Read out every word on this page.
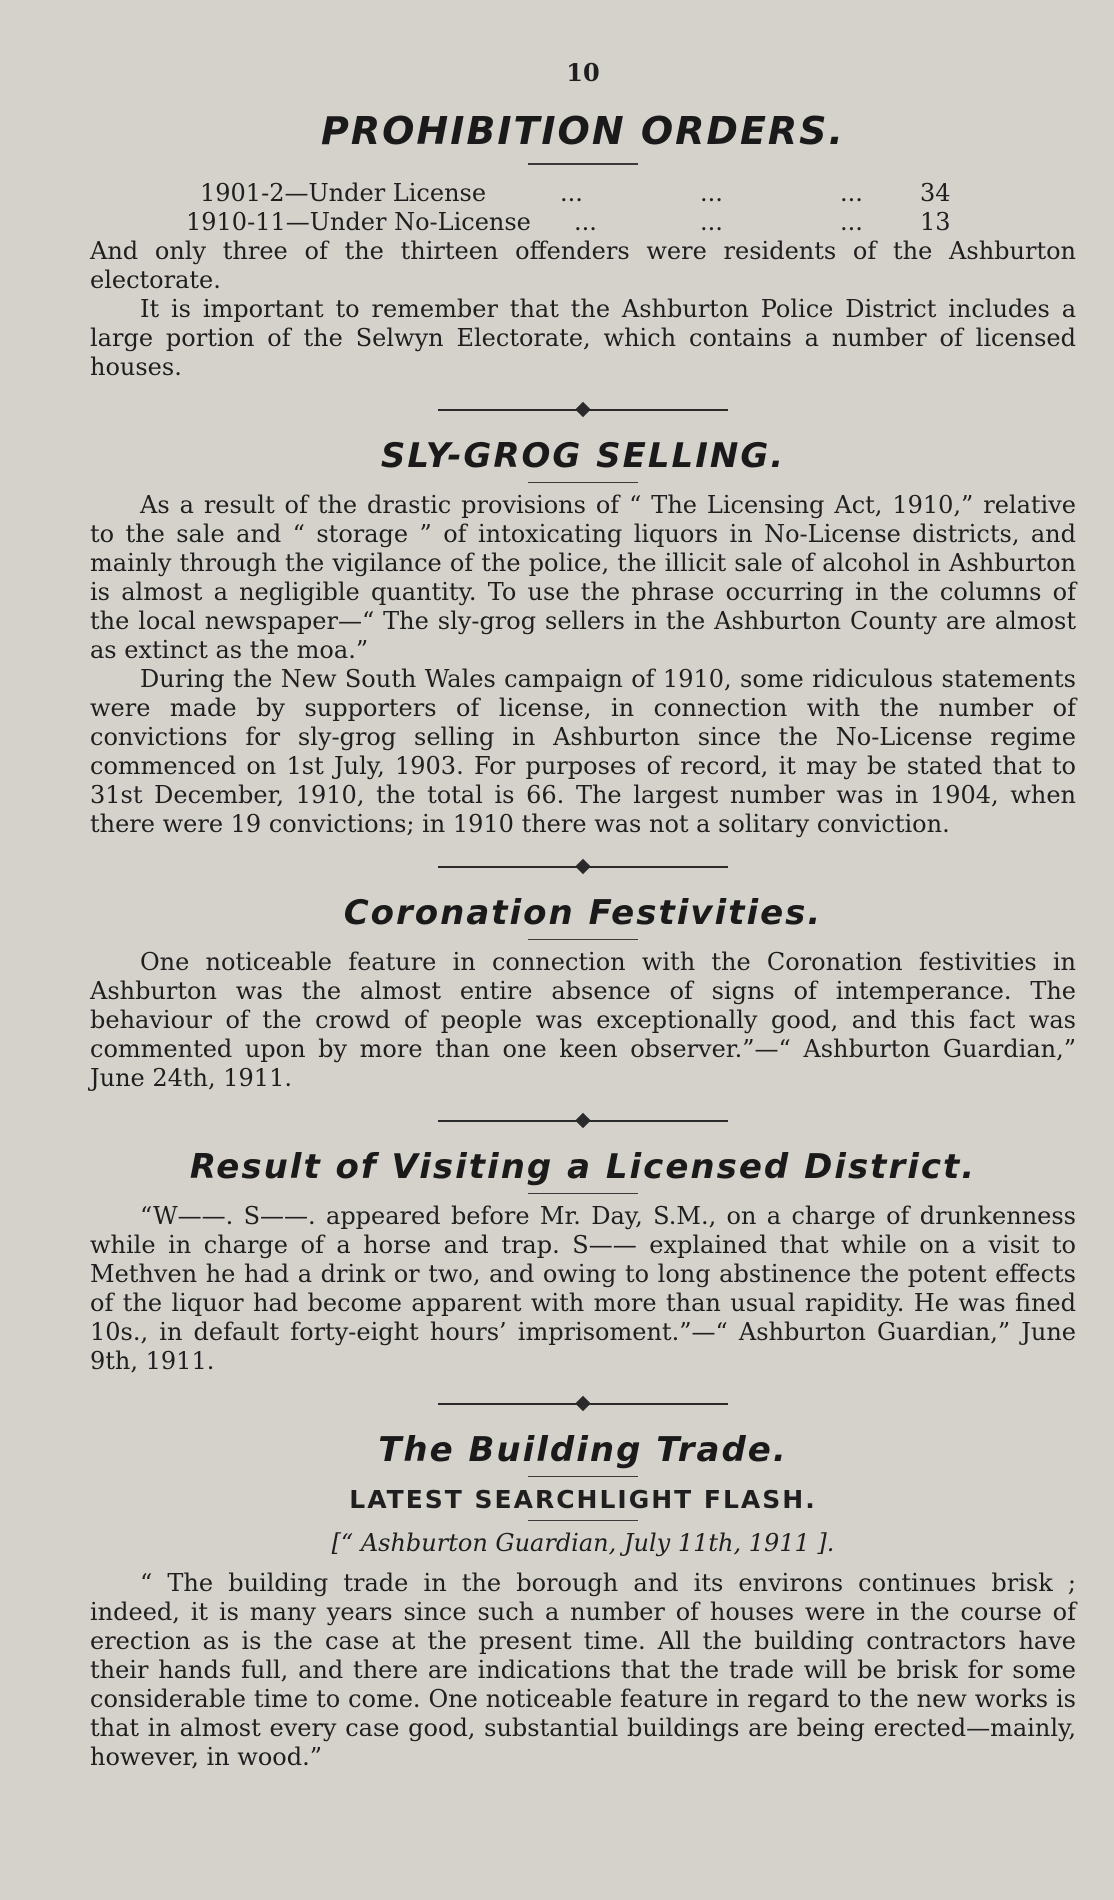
10
PROHIBITION ORDERS.
1901-2—Under License	...	...	...	34
1910-11—Under No-License	...	...	...	13

And only three of the thirteen offenders were residents of the Ashburton electorate.

It is important to remember that the Ashburton Police District includes a large portion of the Selwyn Electorate, which contains a number of licensed houses.

SLY-GROG SELLING.

As a result of the drastic provisions of “ The Licensing Act, 1910,” relative to the sale and “ storage ” of intoxicating liquors in No-License districts, and mainly through the vigilance of the police, the illicit sale of alcohol in Ashburton is almost a negligible quantity. To use the phrase occurring in the columns of the local newspaper—“ The sly-grog sellers in the Ashburton County are almost as extinct as the moa.”

During the New South Wales campaign of 1910, some ridiculous statements were made by supporters of license, in connection with the number of convictions for sly-grog selling in Ashburton since the No-License regime commenced on 1st July, 1903. For purposes of record, it may be stated that to 31st December, 1910, the total is 66. The largest number was in 1904, when there were 19 convictions; in 1910 there was not a solitary conviction.

Coronation Festivities.

One noticeable feature in connection with the Coronation festivities in Ashburton was the almost entire absence of signs of intemperance. The behaviour of the crowd of people was exceptionally good, and this fact was commented upon by more than one keen observer.”—“ Ashburton Guardian,” June 24th, 1911.

Result of Visiting a Licensed District.

“W——. S——. appeared before Mr. Day, S.M., on a charge of drunkenness while in charge of a horse and trap. S—— explained that while on a visit to Methven he had a drink or two, and owing to long abstinence the potent effects of the liquor had become apparent with more than usual rapidity. He was fined 10s., in default forty-eight hours’ imprisoment.”—“ Ashburton Guardian,” June 9th, 1911.

The Building Trade.
LATEST SEARCHLIGHT FLASH.
[“ Ashburton Guardian, July 11th, 1911 ].

“ The building trade in the borough and its environs continues brisk ; indeed, it is many years since such a number of houses were in the course of erection as is the case at the present time. All the building contractors have their hands full, and there are indications that the trade will be brisk for some considerable time to come. One noticeable feature in regard to the new works is that in almost every case good, substantial buildings are being erected—mainly, however, in wood.”
